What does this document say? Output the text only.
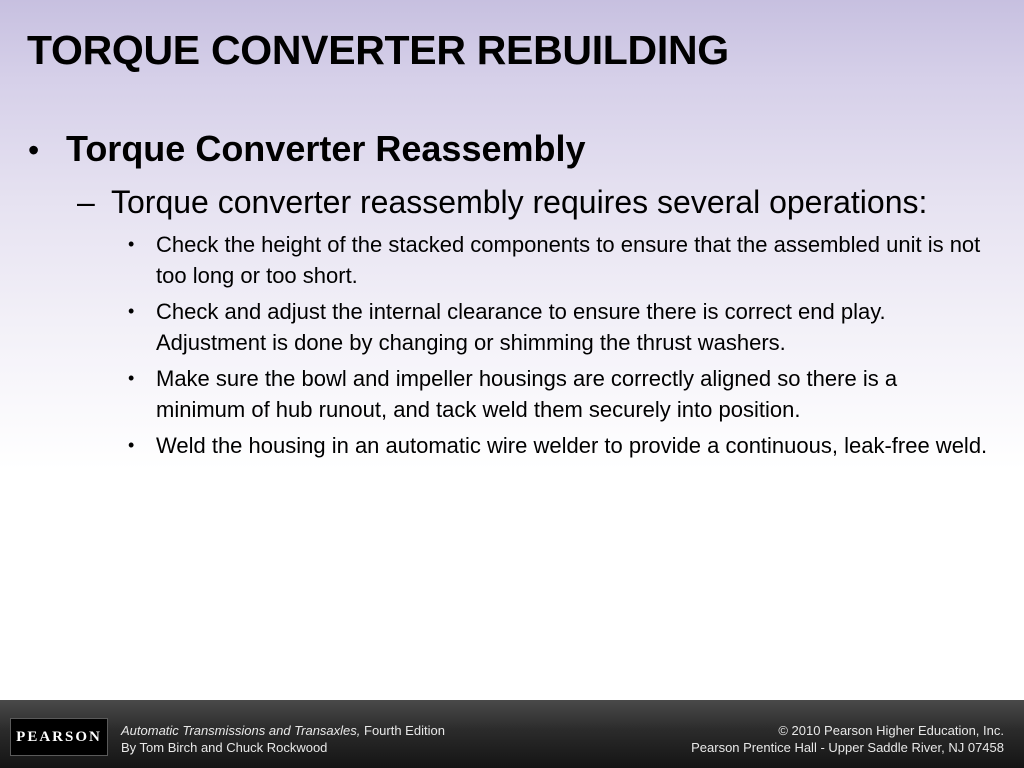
TORQUE CONVERTER REBUILDING
• Torque Converter Reassembly
– Torque converter reassembly requires several operations:
• Check the height of the stacked components to ensure that the assembled unit is not too long or too short.
• Check and adjust the internal clearance to ensure there is correct end play. Adjustment is done by changing or shimming the thrust washers.
• Make sure the bowl and impeller housings are correctly aligned so there is a minimum of hub runout, and tack weld them securely into position.
• Weld the housing in an automatic wire welder to provide a continuous, leak-free weld.
PEARSON Automatic Transmissions and Transaxles, Fourth Edition
By Tom Birch and Chuck Rockwood
© 2010 Pearson Higher Education, Inc.
Pearson Prentice Hall - Upper Saddle River, NJ 07458
